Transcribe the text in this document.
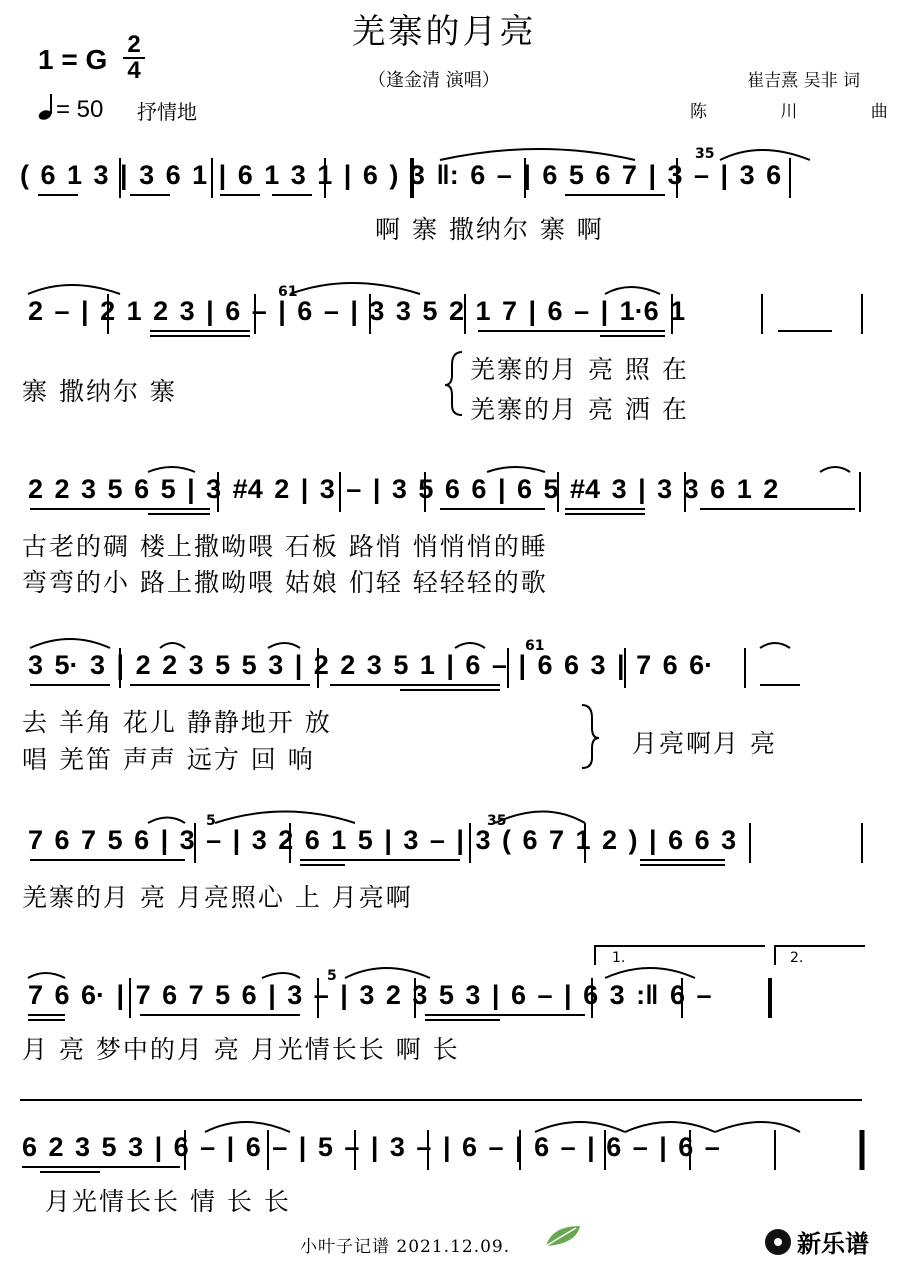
羌寨的月亮
1 = G 2
4
= 50 抒情地
（逢金清 演唱）	崔吉熹 吴非 词
陈 川 曲
( 6 1 3 | 3 6 1 | 6 1 3 1 | 6 ) 3 ‖: 6 – | 6 5 6 7 | 3 – | 3 6
35
啊 寨 撒纳尔 寨 啊
2 – | 2 1 2 3 | 6 – | 6 – | 3 3 5 2 1 7 | 6 – | 1·6 1
61
寨 撒纳尔 寨
羌寨的月 亮 照 在
羌寨的月 亮 洒 在
2 2 3 5 6 5 | 3 #4 2 | 3 – | 3 5 6 6 | 6 5 #4 3 | 3 3 6 1 2
古老的碉 楼上撒呦喂 石板 路悄 悄悄悄的睡
弯弯的小 路上撒呦喂 姑娘 们轻 轻轻轻的歌
3 5· 3 | 2 2 3 5 5 3 | 2 2 3 5 1 | 6 – | 6 6 3 | 7 6 6·
61
去 羊角 花儿 静静地开 放
唱 羌笛 声声 远方 回 响
月亮啊月 亮
7 6 7 5 6 | 3 – | 3 2 6 1 5 | 3 – | 3 ( 6 7 1 2 ) | 6 6 3
5	35
羌寨的月 亮 月亮照心 上 月亮啊
7 6 6· | 7 6 7 5 6 | 3 – | 3 2 3 5 3 | 6 – | 6 3 :‖ 6 –
5
1.	2.
月 亮 梦中的月 亮 月光情长长 啊 长
6 2 3 5 3 | 6 – | 6 – | 5 – | 3 – | 6 – | 6 – | 6 – | 6 –
月光情长长 情 长 长
小叶子记谱 2021.12.09.	新乐谱
